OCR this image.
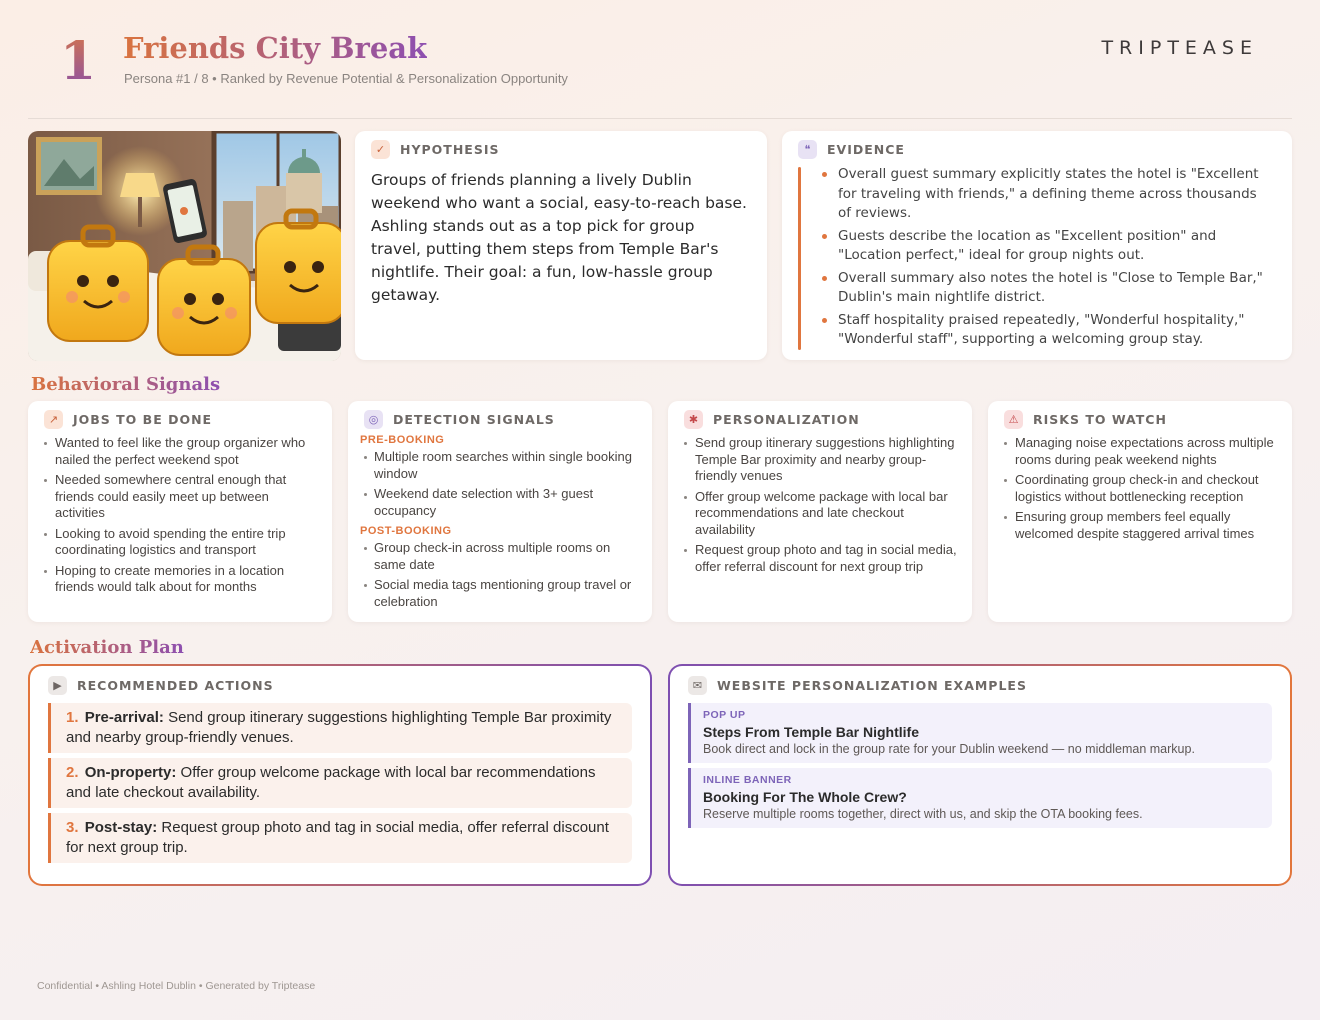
1 Friends City Break
Persona #1 / 8 • Ranked by Revenue Potential & Personalization Opportunity
TRIPTEASE
✓	HYPOTHESIS
Groups of friends planning a lively Dublin weekend who want a social, easy-to-reach base. Ashling stands out as a top pick for group travel, putting them steps from Temple Bar's nightlife. Their goal: a fun, low-hassle group getaway.
❝	EVIDENCE
Overall guest summary explicitly states the hotel is "Excellent for traveling with friends," a defining theme across thousands of reviews.
Guests describe the location as "Excellent position" and "Location perfect," ideal for group nights out.
Overall summary also notes the hotel is "Close to Temple Bar," Dublin's main nightlife district.
Staff hospitality praised repeatedly, "Wonderful hospitality," "Wonderful staff", supporting a welcoming group stay.
Behavioral Signals
↗	JOBS TO BE DONE
Wanted to feel like the group organizer who nailed the perfect weekend spot
Needed somewhere central enough that friends could easily meet up between activities
Looking to avoid spending the entire trip coordinating logistics and transport
Hoping to create memories in a location friends would talk about for months
◎	DETECTION SIGNALS
PRE-BOOKING
Multiple room searches within single booking window
Weekend date selection with 3+ guest occupancy
POST-BOOKING
Group check-in across multiple rooms on same date
Social media tags mentioning group travel or celebration
✱	PERSONALIZATION
Send group itinerary suggestions highlighting Temple Bar proximity and nearby group-friendly venues
Offer group welcome package with local bar recommendations and late checkout availability
Request group photo and tag in social media, offer referral discount for next group trip
⚠	RISKS TO WATCH
Managing noise expectations across multiple rooms during peak weekend nights
Coordinating group check-in and checkout logistics without bottlenecking reception
Ensuring group members feel equally welcomed despite staggered arrival times
Activation Plan
▶	RECOMMENDED ACTIONS
1. Pre-arrival: Send group itinerary suggestions highlighting Temple Bar proximity and nearby group-friendly venues.
2. On-property: Offer group welcome package with local bar recommendations and late checkout availability.
3. Post-stay: Request group photo and tag in social media, offer referral discount for next group trip.
✉	WEBSITE PERSONALIZATION EXAMPLES
POP UP
Steps From Temple Bar Nightlife
Book direct and lock in the group rate for your Dublin weekend — no middleman markup.
INLINE BANNER
Booking For The Whole Crew?
Reserve multiple rooms together, direct with us, and skip the OTA booking fees.
Confidential • Ashling Hotel Dublin • Generated by Triptease
